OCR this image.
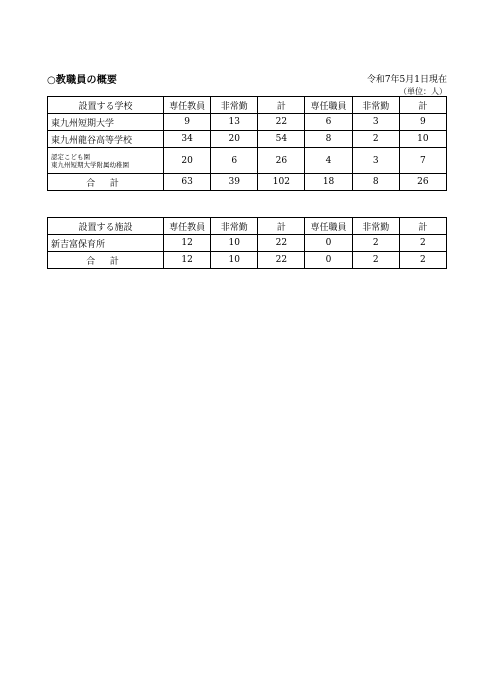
○教職員の概要	令和7年5月1日現在
（単位：人）
設置する学校	専任教員	非常勤	計	専任職員	非常勤	計
東九州短期大学	9	13	22	6	3	9
東九州龍谷高等学校	34	20	54	8	2	10

認定こども園
東九州短期大学附属幼稚園	20	6	26	4	3	7
合 計	63	39	102	18	8	26
設置する施設	専任教員	非常勤	計	専任職員	非常勤	計
新吉富保育所	12	10	22	0	2	2
合 計	12	10	22	0	2	2
